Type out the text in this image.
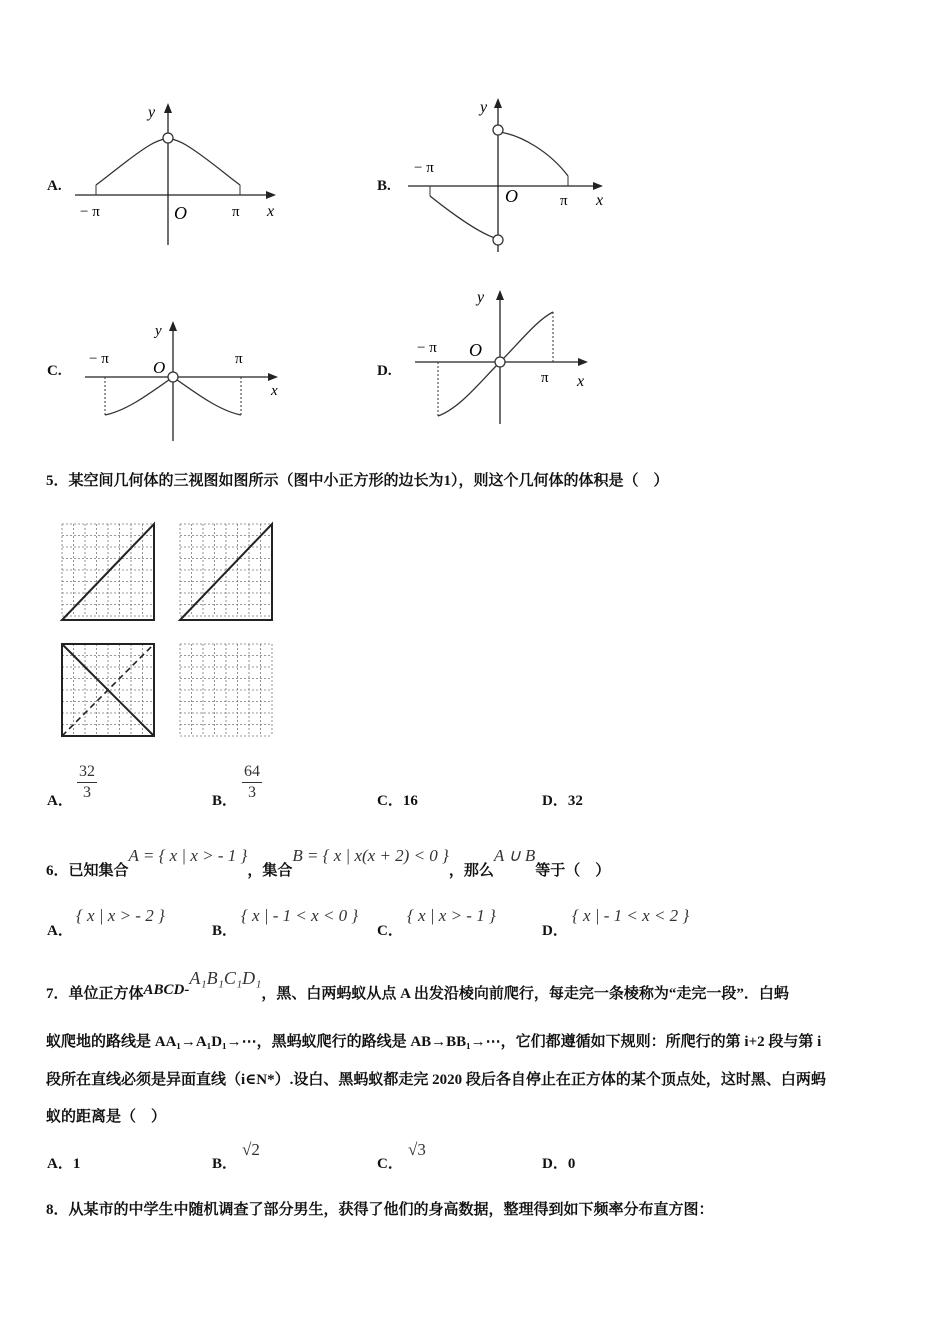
A.
y
x
O
− π	π
B.
y
x
O
− π
π
C.
y
x
O
− π	π
D.
y
x
O
− π
π
5．某空间几何体的三视图如图所示（图中小正方形的边长为1），则这个几何体的体积是（　）
A． $\frac{32}{3}$	B． $\frac{64}{3}$	C．16	D．32
6．已知集合
A = { x | x > - 1 }
，集合
B = { x | x(x + 2) < 0 }
，那么
A ∪ B
等于（　）
A．
{ x | x > - 2 }
B．
{ x | - 1 < x < 0 }
C．
{ x | x > - 1 }
D．
{ x | - 1 < x < 2 }
7．单位正方体 ABCD-
A₁B₁C₁D₁
，黑、白两蚂蚁从点 A 出发沿棱向前爬行，每走完一条棱称为“走完一段”．白蚂
蚁爬地的路线是 AA₁→A₁D₁→⋯，黑蚂蚁爬行的路线是 AB→BB₁→⋯，它们都遵循如下规则：所爬行的第 i+2 段与第 i
段所在直线必须是异面直线（i∈N*）.设白、黑蚂蚁都走完 2020 段后各自停止在正方体的某个顶点处，这时黑、白两蚂
蚁的距离是（　）
A．1	B．
√2
C．
√3
D．0
8．从某市的中学生中随机调查了部分男生，获得了他们的身高数据，整理得到如下频率分布直方图：
